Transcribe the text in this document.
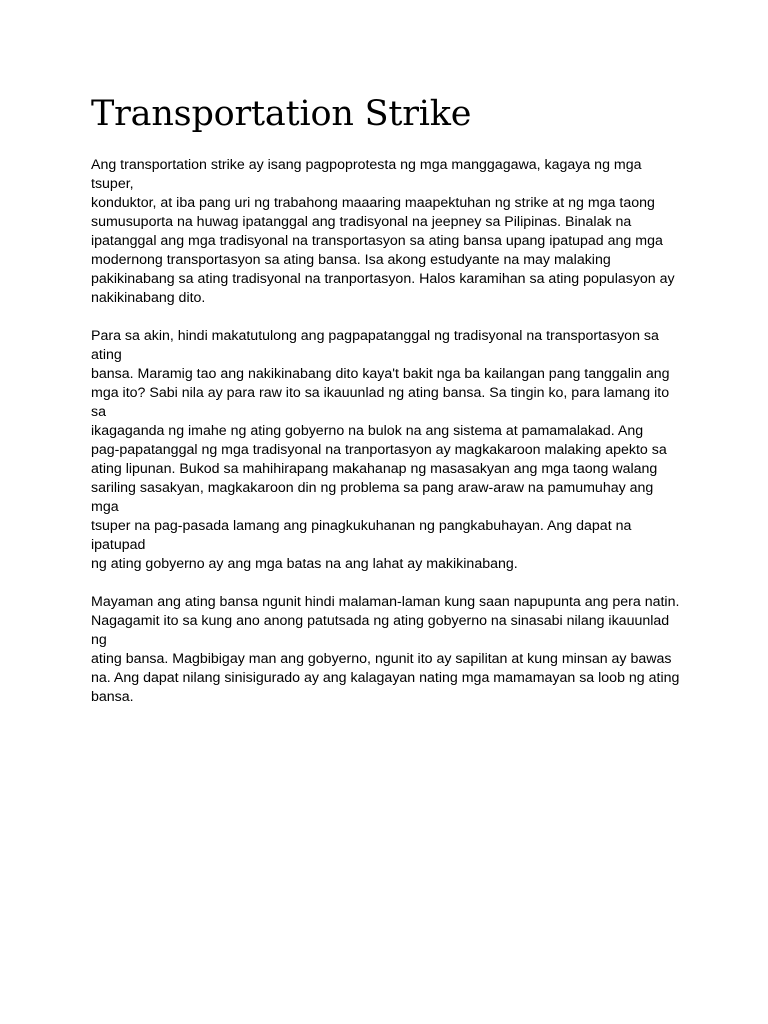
Transportation Strike

Ang transportation strike ay isang pagpoprotesta ng mga manggagawa, kagaya ng mga tsuper,
konduktor, at iba pang uri ng trabahong maaaring maapektuhan ng strike at ng mga taong
sumusuporta na huwag ipatanggal ang tradisyonal na jeepney sa Pilipinas. Binalak na
ipatanggal ang mga tradisyonal na transportasyon sa ating bansa upang ipatupad ang mga
modernong transportasyon sa ating bansa. Isa akong estudyante na may malaking
pakikinabang sa ating tradisyonal na tranportasyon. Halos karamihan sa ating populasyon ay
nakikinabang dito.

Para sa akin, hindi makatutulong ang pagpapatanggal ng tradisyonal na transportasyon sa ating
bansa. Maramig tao ang nakikinabang dito kaya't bakit nga ba kailangan pang tanggalin ang
mga ito? Sabi nila ay para raw ito sa ikauunlad ng ating bansa. Sa tingin ko, para lamang ito sa
ikagaganda ng imahe ng ating gobyerno na bulok na ang sistema at pamamalakad. Ang
pag-papatanggal ng mga tradisyonal na tranportasyon ay magkakaroon malaking apekto sa
ating lipunan. Bukod sa mahihirapang makahanap ng masasakyan ang mga taong walang
sariling sasakyan, magkakaroon din ng problema sa pang araw-araw na pamumuhay ang mga
tsuper na pag-pasada lamang ang pinagkukuhanan ng pangkabuhayan. Ang dapat na ipatupad
ng ating gobyerno ay ang mga batas na ang lahat ay makikinabang.

Mayaman ang ating bansa ngunit hindi malaman-laman kung saan napupunta ang pera natin.
Nagagamit ito sa kung ano anong patutsada ng ating gobyerno na sinasabi nilang ikauunlad ng
ating bansa. Magbibigay man ang gobyerno, ngunit ito ay sapilitan at kung minsan ay bawas
na. Ang dapat nilang sinisigurado ay ang kalagayan nating mga mamamayan sa loob ng ating
bansa.
